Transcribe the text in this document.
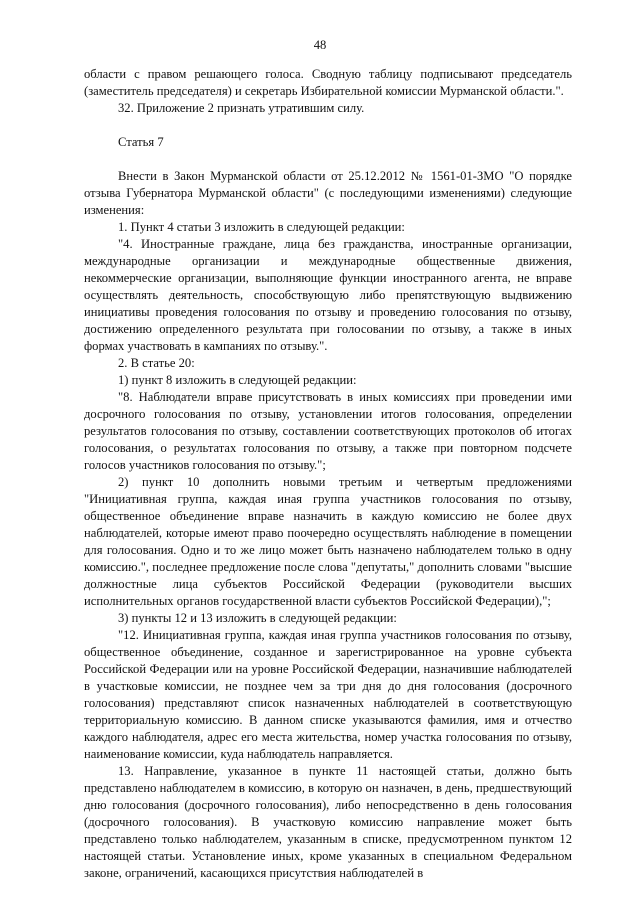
48

области с правом решающего голоса. Сводную таблицу подписывают председатель (заместитель председателя) и секретарь Избирательной комиссии Мурманской области.".

32. Приложение 2 признать утратившим силу.

Статья 7

Внести в Закон Мурманской области от 25.12.2012 № 1561-01-ЗМО "О порядке отзыва Губернатора Мурманской области" (с последующими изменениями) следующие изменения:

1. Пункт 4 статьи 3 изложить в следующей редакции:

"4. Иностранные граждане, лица без гражданства, иностранные организации, международные организации и международные общественные движения, некоммерческие организации, выполняющие функции иностранного агента, не вправе осуществлять деятельность, способствующую либо препятствующую выдвижению инициативы проведения голосования по отзыву и проведению голосования по отзыву, достижению определенного результата при голосовании по отзыву, а также в иных формах участвовать в кампаниях по отзыву.".

2. В статье 20:

1) пункт 8 изложить в следующей редакции:

"8. Наблюдатели вправе присутствовать в иных комиссиях при проведении ими досрочного голосования по отзыву, установлении итогов голосования, определении результатов голосования по отзыву, составлении соответствующих протоколов об итогах голосования, о результатах голосования по отзыву, а также при повторном подсчете голосов участников голосования по отзыву.";

2) пункт 10 дополнить новыми третьим и четвертым предложениями "Инициативная группа, каждая иная группа участников голосования по отзыву, общественное объединение вправе назначить в каждую комиссию не более двух наблюдателей, которые имеют право поочередно осуществлять наблюдение в помещении для голосования. Одно и то же лицо может быть назначено наблюдателем только в одну комиссию.", последнее предложение после слова "депутаты," дополнить словами "высшие должностные лица субъектов Российской Федерации (руководители высших исполнительных органов государственной власти субъектов Российской Федерации),";

3) пункты 12 и 13 изложить в следующей редакции:

"12. Инициативная группа, каждая иная группа участников голосования по отзыву, общественное объединение, созданное и зарегистрированное на уровне субъекта Российской Федерации или на уровне Российской Федерации, назначившие наблюдателей в участковые комиссии, не позднее чем за три дня до дня голосования (досрочного голосования) представляют список назначенных наблюдателей в соответствующую территориальную комиссию. В данном списке указываются фамилия, имя и отчество каждого наблюдателя, адрес его места жительства, номер участка голосования по отзыву, наименование комиссии, куда наблюдатель направляется.

13. Направление, указанное в пункте 11 настоящей статьи, должно быть представлено наблюдателем в комиссию, в которую он назначен, в день, предшествующий дню голосования (досрочного голосования), либо непосредственно в день голосования (досрочного голосования). В участковую комиссию направление может быть представлено только наблюдателем, указанным в списке, предусмотренном пунктом 12 настоящей статьи. Установление иных, кроме указанных в специальном Федеральном законе, ограничений, касающихся присутствия наблюдателей в
